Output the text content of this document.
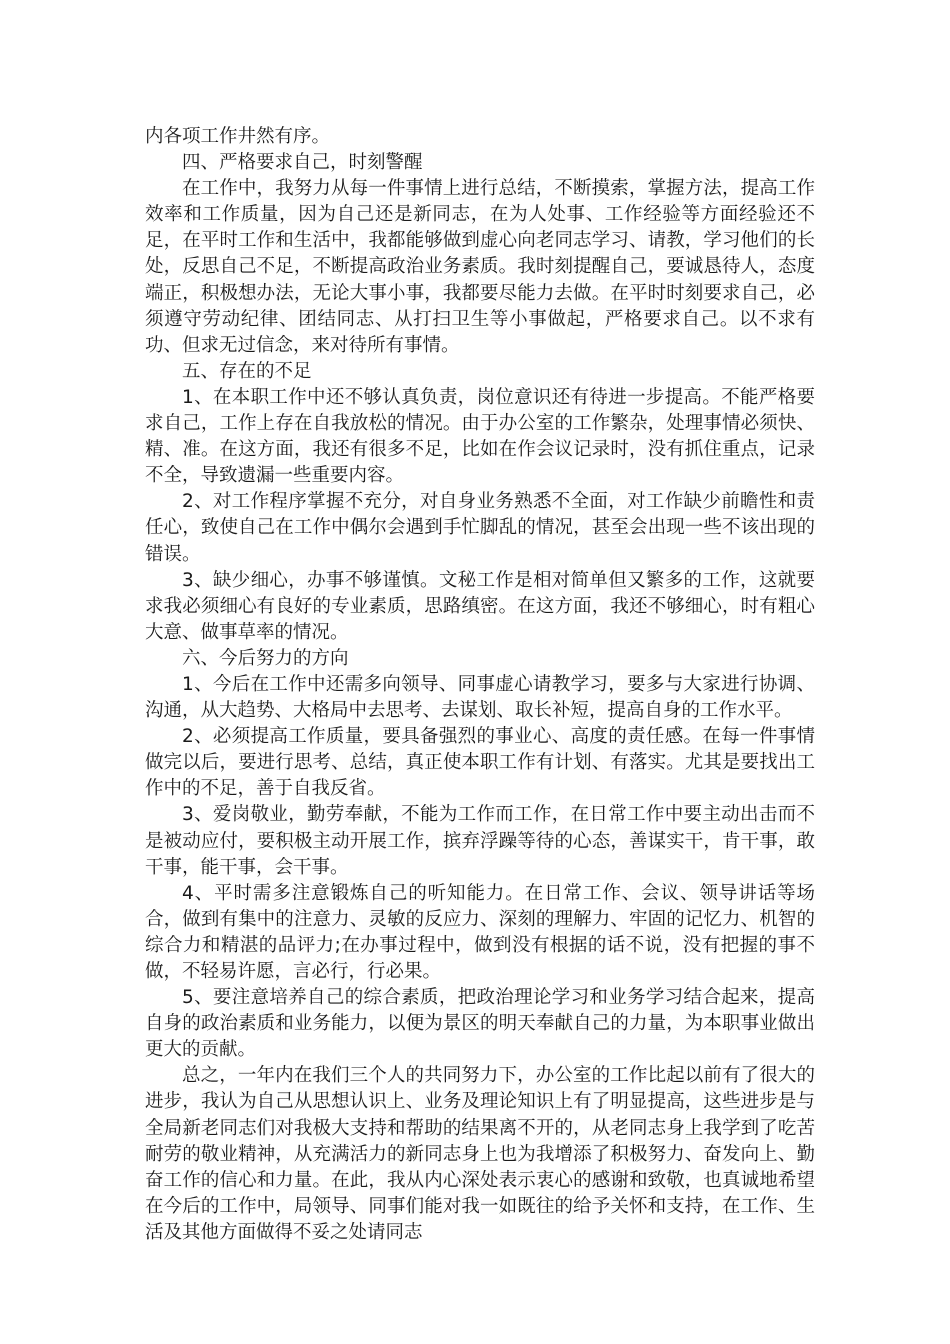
内各项工作井然有序。

四、严格要求自己，时刻警醒

在工作中，我努力从每一件事情上进行总结，不断摸索，掌握方法，提高工作效率和工作质量，因为自己还是新同志，在为人处事、工作经验等方面经验还不足，在平时工作和生活中，我都能够做到虚心向老同志学习、请教，学习他们的长处，反思自己不足，不断提高政治业务素质。我时刻提醒自己，要诚恳待人，态度端正，积极想办法，无论大事小事，我都要尽能力去做。在平时时刻要求自己，必须遵守劳动纪律、团结同志、从打扫卫生等小事做起，严格要求自己。以不求有功、但求无过信念，来对待所有事情。

五、存在的不足

1、在本职工作中还不够认真负责，岗位意识还有待进一步提高。不能严格要求自己，工作上存在自我放松的情况。由于办公室的工作繁杂，处理事情必须快、精、准。在这方面，我还有很多不足，比如在作会议记录时，没有抓住重点，记录不全，导致遗漏一些重要内容。

2、对工作程序掌握不充分，对自身业务熟悉不全面，对工作缺少前瞻性和责任心，致使自己在工作中偶尔会遇到手忙脚乱的情况，甚至会出现一些不该出现的错误。

3、缺少细心，办事不够谨慎。文秘工作是相对简单但又繁多的工作，这就要求我必须细心有良好的专业素质，思路缜密。在这方面，我还不够细心，时有粗心大意、做事草率的情况。

六、今后努力的方向

1、今后在工作中还需多向领导、同事虚心请教学习，要多与大家进行协调、沟通，从大趋势、大格局中去思考、去谋划、取长补短，提高自身的工作水平。

2、必须提高工作质量，要具备强烈的事业心、高度的责任感。在每一件事情做完以后，要进行思考、总结，真正使本职工作有计划、有落实。尤其是要找出工作中的不足，善于自我反省。

3、爱岗敬业，勤劳奉献，不能为工作而工作，在日常工作中要主动出击而不是被动应付，要积极主动开展工作，摈弃浮躁等待的心态，善谋实干，肯干事，敢干事，能干事，会干事。

4、平时需多注意锻炼自己的听知能力。在日常工作、会议、领导讲话等场合，做到有集中的注意力、灵敏的反应力、深刻的理解力、牢固的记忆力、机智的综合力和精湛的品评力;在办事过程中，做到没有根据的话不说，没有把握的事不做，不轻易许愿，言必行，行必果。

5、要注意培养自己的综合素质，把政治理论学习和业务学习结合起来，提高自身的政治素质和业务能力，以便为景区的明天奉献自己的力量，为本职事业做出更大的贡献。

总之，一年内在我们三个人的共同努力下，办公室的工作比起以前有了很大的进步，我认为自己从思想认识上、业务及理论知识上有了明显提高，这些进步是与全局新老同志们对我极大支持和帮助的结果离不开的，从老同志身上我学到了吃苦耐劳的敬业精神，从充满活力的新同志身上也为我增添了积极努力、奋发向上、勤奋工作的信心和力量。在此，我从内心深处表示衷心的感谢和致敬，也真诚地希望在今后的工作中，局领导、同事们能对我一如既往的给予关怀和支持，在工作、生活及其他方面做得不妥之处请同志
